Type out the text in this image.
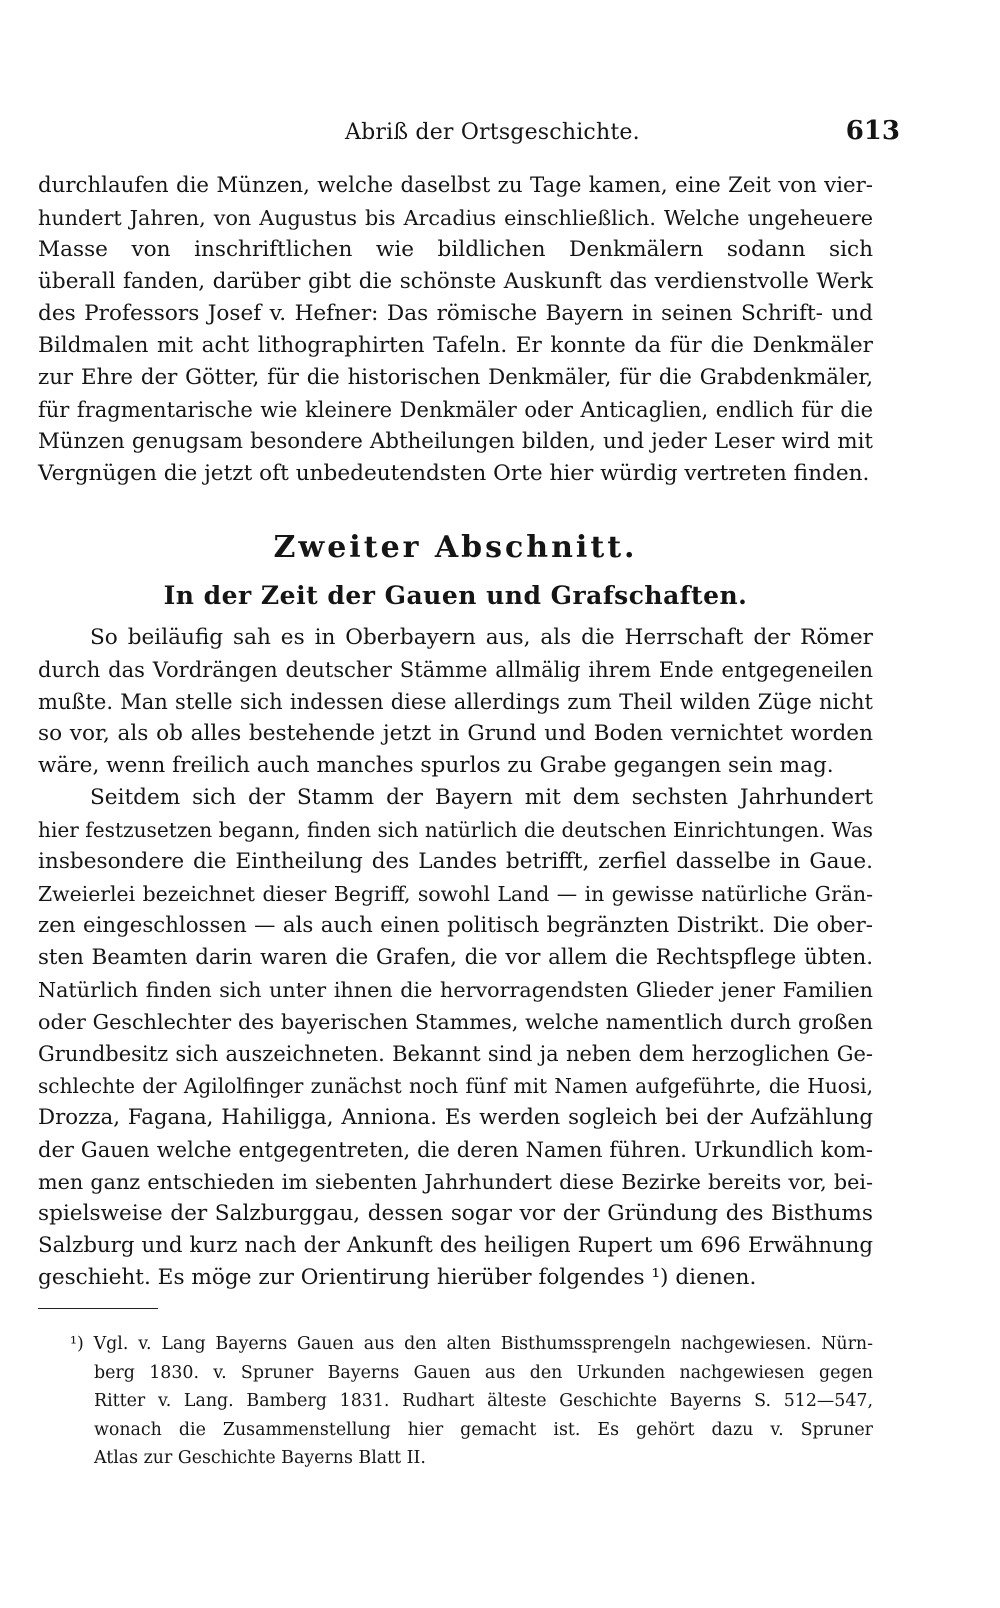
Abriß der Ortsgeschichte.	613
durchlaufen die Münzen, welche daselbst zu Tage kamen, eine Zeit von vier-
hundert Jahren, von Augustus bis Arcadius einschließlich. Welche ungeheuere
Masse von inschriftlichen wie bildlichen Denkmälern sodann sich
überall fanden, darüber gibt die schönste Auskunft das verdienstvolle Werk
des Professors Josef v. Hefner: Das römische Bayern in seinen Schrift- und
Bildmalen mit acht lithographirten Tafeln. Er konnte da für die Denkmäler
zur Ehre der Götter, für die historischen Denkmäler, für die Grabdenkmäler,
für fragmentarische wie kleinere Denkmäler oder Anticaglien, endlich für die
Münzen genugsam besondere Abtheilungen bilden, und jeder Leser wird mit
Vergnügen die jetzt oft unbedeutendsten Orte hier würdig vertreten finden.
Zweiter Abschnitt.
In der Zeit der Gauen und Grafschaften.
So beiläufig sah es in Oberbayern aus, als die Herrschaft der Römer
durch das Vordrängen deutscher Stämme allmälig ihrem Ende entgegeneilen
mußte. Man stelle sich indessen diese allerdings zum Theil wilden Züge nicht
so vor, als ob alles bestehende jetzt in Grund und Boden vernichtet worden
wäre, wenn freilich auch manches spurlos zu Grabe gegangen sein mag.
Seitdem sich der Stamm der Bayern mit dem sechsten Jahrhundert
hier festzusetzen begann, finden sich natürlich die deutschen Einrichtungen. Was
insbesondere die Eintheilung des Landes betrifft, zerfiel dasselbe in Gaue.
Zweierlei bezeichnet dieser Begriff, sowohl Land — in gewisse natürliche Grän-
zen eingeschlossen — als auch einen politisch begränzten Distrikt. Die ober-
sten Beamten darin waren die Grafen, die vor allem die Rechtspflege übten.
Natürlich finden sich unter ihnen die hervorragendsten Glieder jener Familien
oder Geschlechter des bayerischen Stammes, welche namentlich durch großen
Grundbesitz sich auszeichneten. Bekannt sind ja neben dem herzoglichen Ge-
schlechte der Agilolfinger zunächst noch fünf mit Namen aufgeführte, die Huosi,
Drozza, Fagana, Hahiligga, Anniona. Es werden sogleich bei der Aufzählung
der Gauen welche entgegentreten, die deren Namen führen. Urkundlich kom-
men ganz entschieden im siebenten Jahrhundert diese Bezirke bereits vor, bei-
spielsweise der Salzburggau, dessen sogar vor der Gründung des Bisthums
Salzburg und kurz nach der Ankunft des heiligen Rupert um 696 Erwähnung
geschieht. Es möge zur Orientirung hierüber folgendes ¹) dienen.
¹) Vgl. v. Lang Bayerns Gauen aus den alten Bisthumssprengeln nachgewiesen. Nürn-
berg 1830. v. Spruner Bayerns Gauen aus den Urkunden nachgewiesen gegen
Ritter v. Lang. Bamberg 1831. Rudhart älteste Geschichte Bayerns S. 512—547,
wonach die Zusammenstellung hier gemacht ist. Es gehört dazu v. Spruner
Atlas zur Geschichte Bayerns Blatt II.
